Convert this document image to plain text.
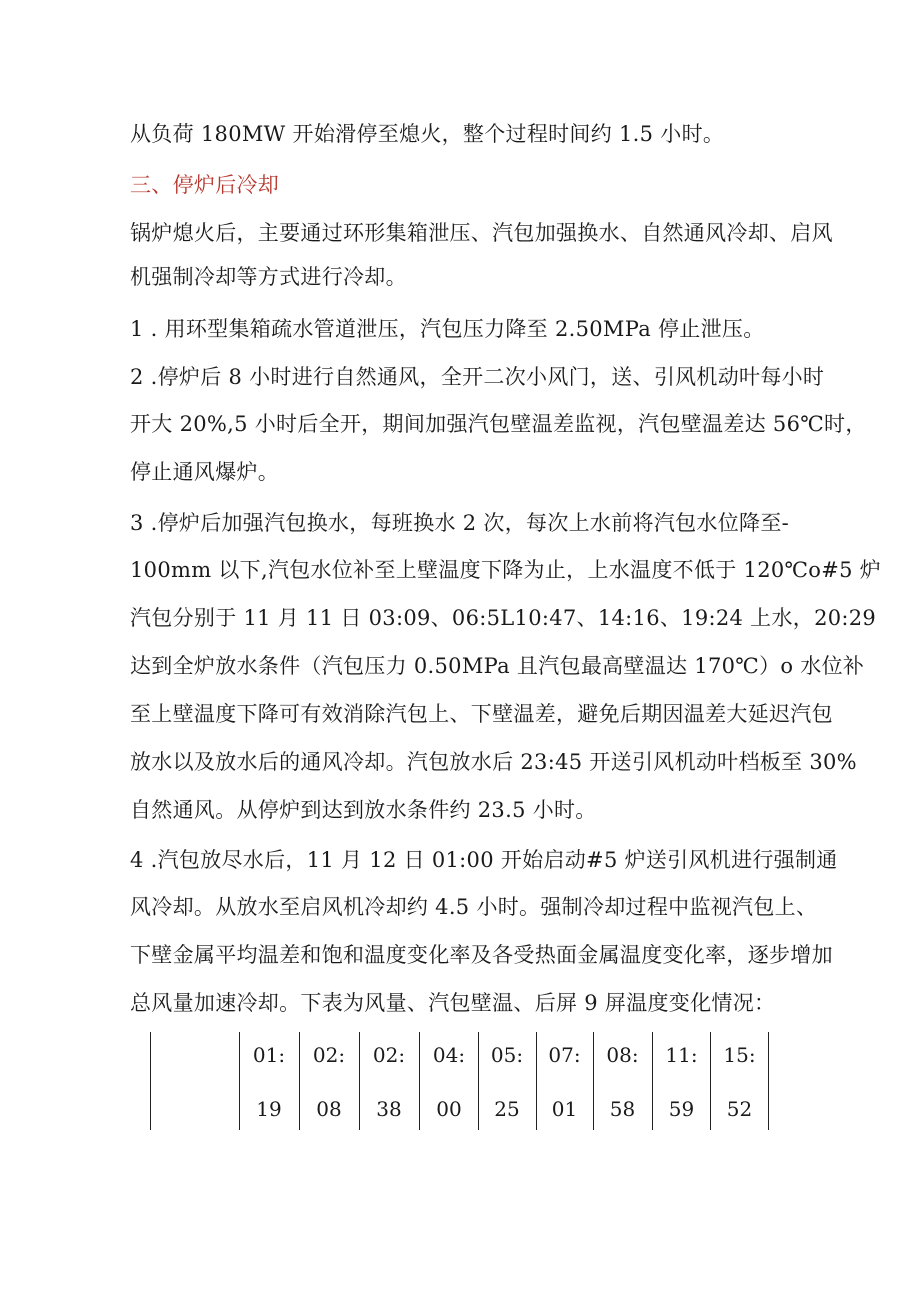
从负荷 180MW 开始滑停至熄火，整个过程时间约 1.5 小时。
三、停炉后冷却
锅炉熄火后，主要通过环形集箱泄压、汽包加强换水、自然通风冷却、启风
机强制冷却等方式进行冷却。
1 . 用环型集箱疏水管道泄压，汽包压力降至 2.50MPa 停止泄压。
2 .停炉后 8 小时进行自然通风，全开二次小风门，送、引风机动叶每小时
开大 20%,5 小时后全开，期间加强汽包壁温差监视，汽包壁温差达 56℃时，
停止通风爆炉。
3 .停炉后加强汽包换水，每班换水 2 次，每次上水前将汽包水位降至-
100mm 以下,汽包水位补至上壁温度下降为止，上水温度不低于 120℃o#5 炉
汽包分别于 11 月 11 日 03:09、06:5L10:47、14:16、19:24 上水，20:29
达到全炉放水条件（汽包压力 0.50MPa 且汽包最高壁温达 170℃）o 水位补
至上壁温度下降可有效消除汽包上、下壁温差，避免后期因温差大延迟汽包
放水以及放水后的通风冷却。汽包放水后 23:45 开送引风机动叶档板至 30%
自然通风。从停炉到达到放水条件约 23.5 小时。
4 .汽包放尽水后，11 月 12 日 01:00 开始启动#5 炉送引风机进行强制通
风冷却。从放水至启风机冷却约 4.5 小时。强制冷却过程中监视汽包上、
下壁金属平均温差和饱和温度变化率及各受热面金属温度变化率，逐步增加
总风量加速冷却。下表为风量、汽包壁温、后屏 9 屏温度变化情况：
01:
19
02:
08
02:
38
04:
00
05:
25
07:
01
08:
58
11:
59
15:
52
